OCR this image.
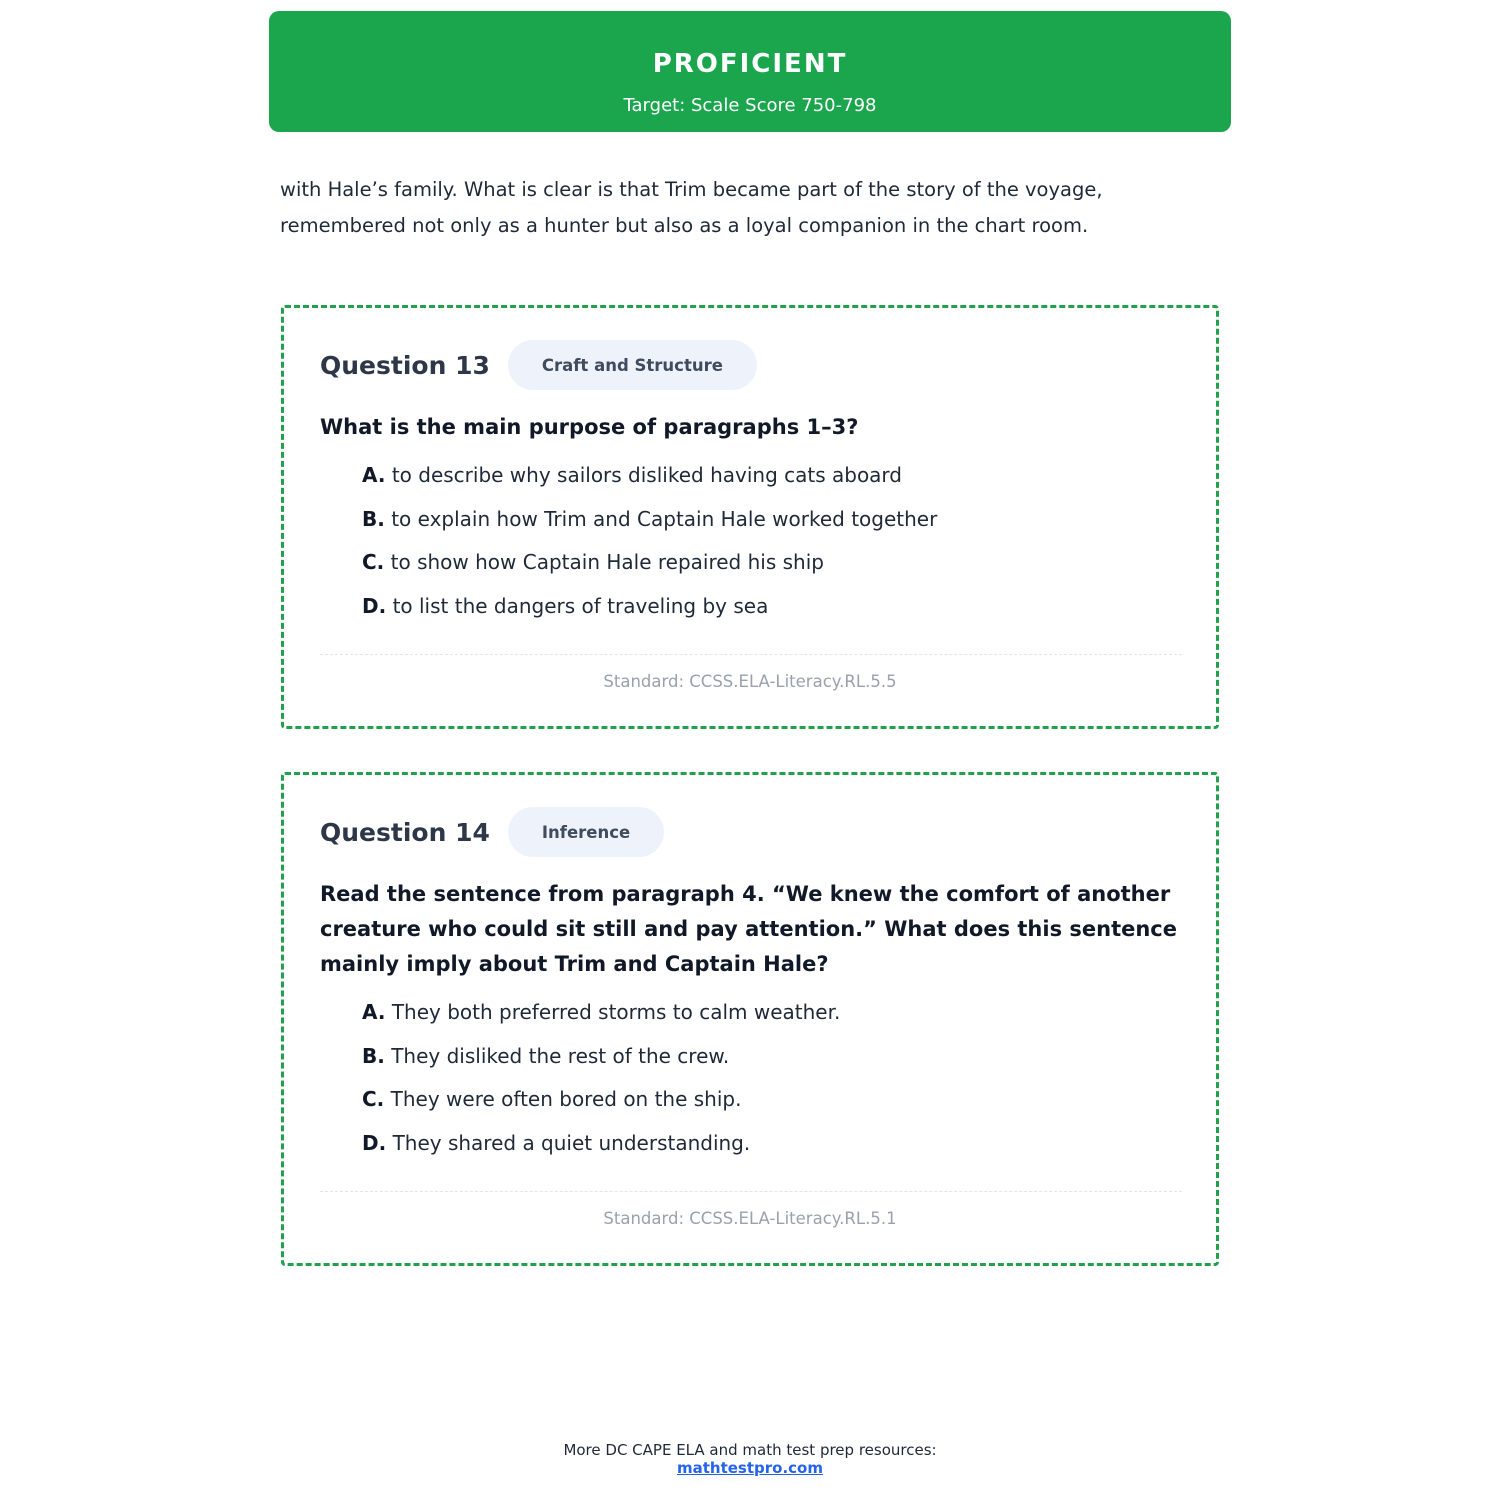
PROFICIENT
Target: Scale Score 750-798

with Hale’s family. What is clear is that Trim became part of the story of the voyage, remembered not only as a hunter but also as a loyal companion in the chart room.

Question 13	Craft and Structure
What is the main purpose of paragraphs 1–3?
A. to describe why sailors disliked having cats aboard
B. to explain how Trim and Captain Hale worked together
C. to show how Captain Hale repaired his ship
D. to list the dangers of traveling by sea
Standard: CCSS.ELA-Literacy.RL.5.5
Question 14	Inference
Read the sentence from paragraph 4. “We knew the comfort of another creature who could sit still and pay attention.” What does this sentence mainly imply about Trim and Captain Hale?
A. They both preferred storms to calm weather.
B. They disliked the rest of the crew.
C. They were often bored on the ship.
D. They shared a quiet understanding.
Standard: CCSS.ELA-Literacy.RL.5.1
More DC CAPE ELA and math test prep resources:
mathtestpro.com
